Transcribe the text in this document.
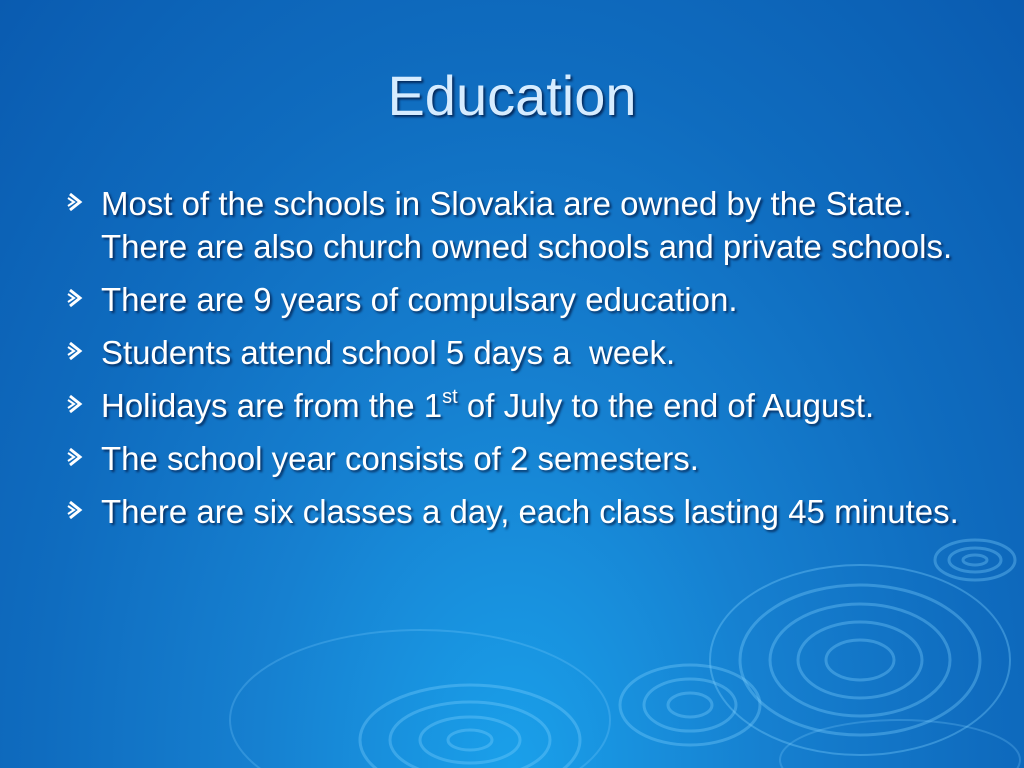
Education
Most of the schools in Slovakia are owned by the State. There are also church owned schools and private schools.
There are 9 years of compulsary education.
Students attend school 5 days a  week.
Holidays are from the 1st of July to the end of August.
The school year consists of 2 semesters.
There are six classes a day, each class lasting 45 minutes.
